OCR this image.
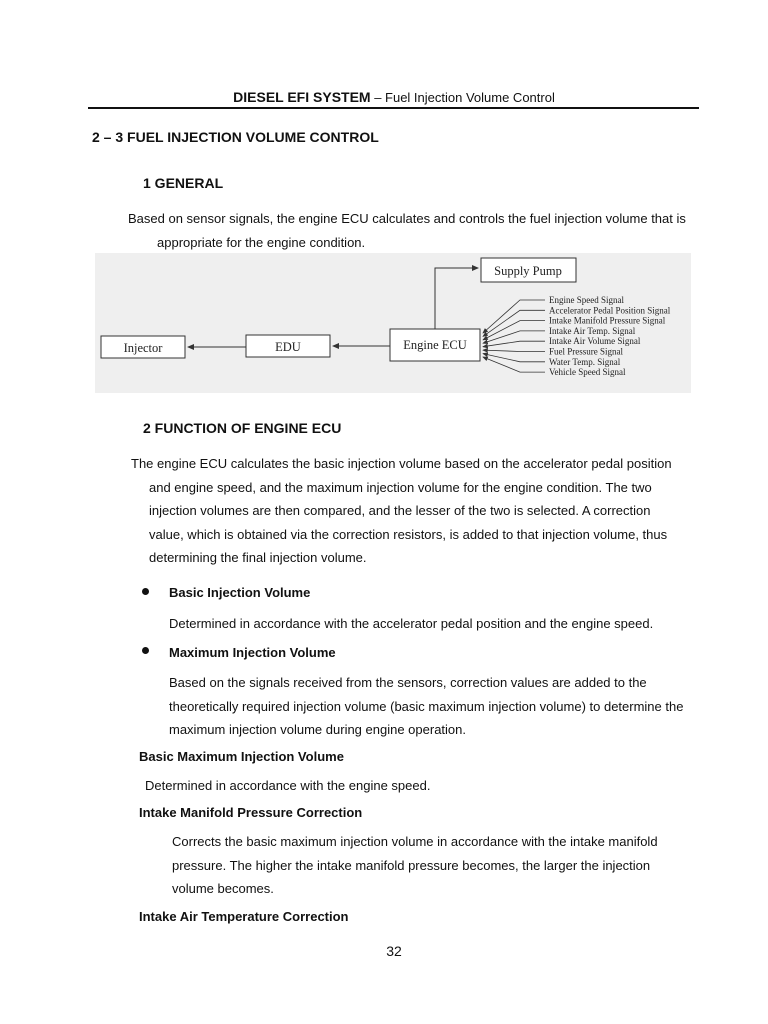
DIESEL EFI SYSTEM – Fuel Injection Volume Control
2 – 3 FUEL INJECTION VOLUME CONTROL
1 GENERAL
Based on sensor signals, the engine ECU calculates and controls the fuel injection volume that is
appropriate for the engine condition.
Supply Pump
Engine ECU
EDU
Injector
Engine Speed Signal
Accelerator Pedal Position Signal
Intake Manifold Pressure Signal
Intake Air Temp. Signal
Intake Air Volume Signal
Fuel Pressure Signal
Water Temp. Signal
Vehicle Speed Signal
2 FUNCTION OF ENGINE ECU
The engine ECU calculates the basic injection volume based on the accelerator pedal position
and engine speed, and the maximum injection volume for the engine condition. The two
injection volumes are then compared, and the lesser of the two is selected. A correction
value, which is obtained via the correction resistors, is added to that injection volume, thus
determining the final injection volume.
Basic Injection Volume
Determined in accordance with the accelerator pedal position and the engine speed.
Maximum Injection Volume
Based on the signals received from the sensors, correction values are added to the
theoretically required injection volume (basic maximum injection volume) to determine the
maximum injection volume during engine operation.
Basic Maximum Injection Volume
Determined in accordance with the engine speed.
Intake Manifold Pressure Correction
Corrects the basic maximum injection volume in accordance with the intake manifold
pressure. The higher the intake manifold pressure becomes, the larger the injection
volume becomes.
Intake Air Temperature Correction
32
